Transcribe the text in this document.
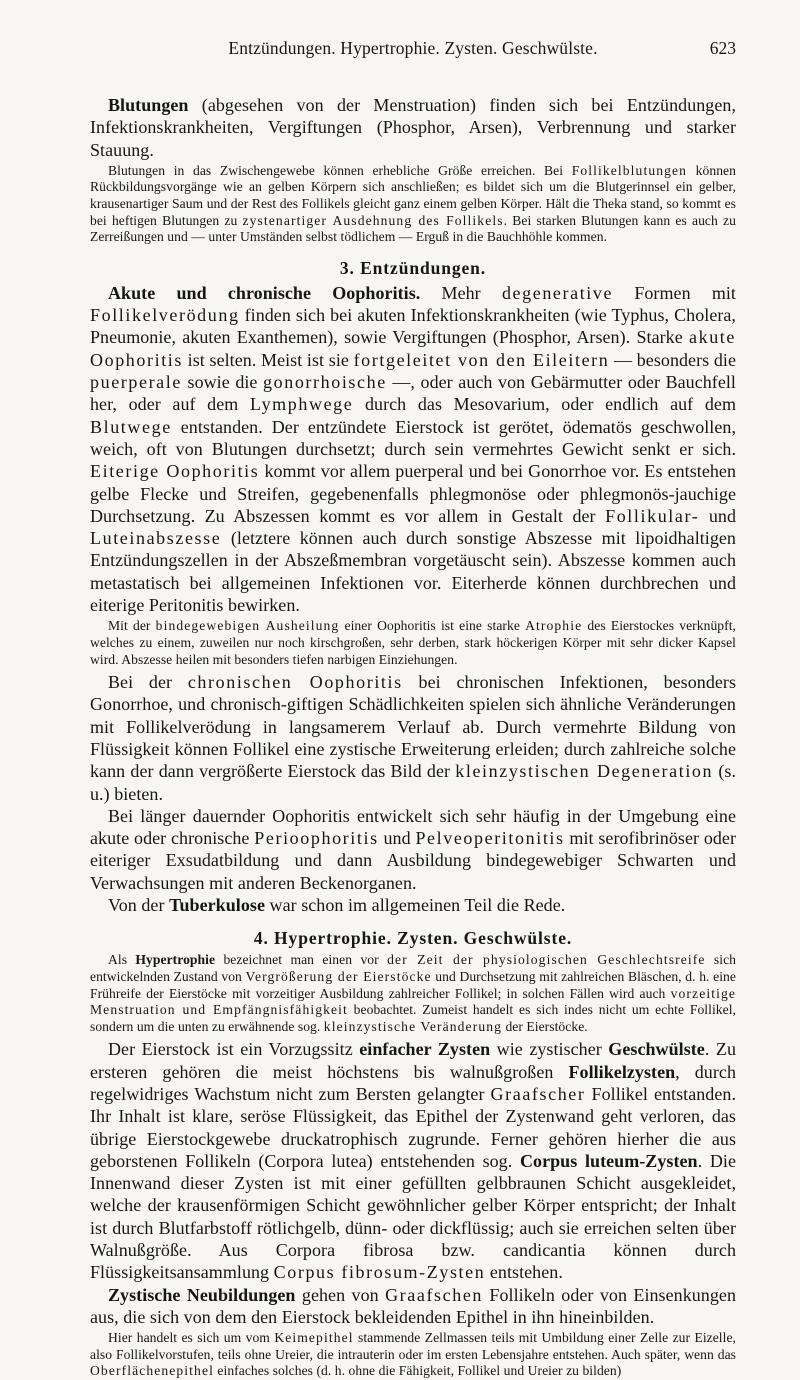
Entzündungen. Hypertrophie. Zysten. Geschwülste.	623

Blutungen (abgesehen von der Menstruation) finden sich bei Entzündungen, Infektionskrankheiten, Vergiftungen (Phosphor, Arsen), Verbrennung und starker Stauung.

Blutungen in das Zwischengewebe können erhebliche Größe erreichen. Bei Follikelblutungen können Rückbildungsvorgänge wie an gelben Körpern sich anschließen; es bildet sich um die Blutgerinnsel ein gelber, krausenartiger Saum und der Rest des Follikels gleicht ganz einem gelben Körper. Hält die Theka stand, so kommt es bei heftigen Blutungen zu zystenartiger Ausdehnung des Follikels. Bei starken Blutungen kann es auch zu Zerreißungen und — unter Umständen selbst tödlichem — Erguß in die Bauchhöhle kommen.

3. Entzündungen.

Akute und chronische Oophoritis. Mehr degenerative Formen mit Follikelverödung finden sich bei akuten Infektionskrankheiten (wie Typhus, Cholera, Pneumonie, akuten Exanthemen), sowie Vergiftungen (Phosphor, Arsen). Starke akute Oophoritis ist selten. Meist ist sie fortgeleitet von den Eileitern — besonders die puerperale sowie die gonorrhoische —, oder auch von Gebärmutter oder Bauchfell her, oder auf dem Lymphwege durch das Mesovarium, oder endlich auf dem Blutwege entstanden. Der entzündete Eierstock ist gerötet, ödematös geschwollen, weich, oft von Blutungen durchsetzt; durch sein vermehrtes Gewicht senkt er sich. Eiterige Oophoritis kommt vor allem puerperal und bei Gonorrhoe vor. Es entstehen gelbe Flecke und Streifen, gegebenenfalls phlegmonöse oder phlegmonös-jauchige Durchsetzung. Zu Abszessen kommt es vor allem in Gestalt der Follikular- und Luteinabszesse (letztere können auch durch sonstige Abszesse mit lipoidhaltigen Entzündungszellen in der Abszeßmembran vorgetäuscht sein). Abszesse kommen auch metastatisch bei allgemeinen Infektionen vor. Eiterherde können durchbrechen und eiterige Peritonitis bewirken.

Mit der bindegewebigen Ausheilung einer Oophoritis ist eine starke Atrophie des Eierstockes verknüpft, welches zu einem, zuweilen nur noch kirschgroßen, sehr derben, stark höckerigen Körper mit sehr dicker Kapsel wird. Abszesse heilen mit besonders tiefen narbigen Einziehungen.

Bei der chronischen Oophoritis bei chronischen Infektionen, besonders Gonorrhoe, und chronisch-giftigen Schädlichkeiten spielen sich ähnliche Veränderungen mit Follikelverödung in langsamerem Verlauf ab. Durch vermehrte Bildung von Flüssigkeit können Follikel eine zystische Erweiterung erleiden; durch zahlreiche solche kann der dann vergrößerte Eierstock das Bild der kleinzystischen Degeneration (s. u.) bieten.

Bei länger dauernder Oophoritis entwickelt sich sehr häufig in der Umgebung eine akute oder chronische Perioophoritis und Pelveoperitonitis mit serofibrinöser oder eiteriger Exsudatbildung und dann Ausbildung bindegewebiger Schwarten und Verwachsungen mit anderen Beckenorganen.

Von der Tuberkulose war schon im allgemeinen Teil die Rede.

4. Hypertrophie. Zysten. Geschwülste.

Als Hypertrophie bezeichnet man einen vor der Zeit der physiologischen Geschlechtsreife sich entwickelnden Zustand von Vergrößerung der Eierstöcke und Durchsetzung mit zahlreichen Bläschen, d. h. eine Frühreife der Eierstöcke mit vorzeitiger Ausbildung zahlreicher Follikel; in solchen Fällen wird auch vorzeitige Menstruation und Empfängnisfähigkeit beobachtet. Zumeist handelt es sich indes nicht um echte Follikel, sondern um die unten zu erwähnende sog. kleinzystische Veränderung der Eierstöcke.

Der Eierstock ist ein Vorzugssitz einfacher Zysten wie zystischer Geschwülste. Zu ersteren gehören die meist höchstens bis walnußgroßen Follikelzysten, durch regelwidriges Wachstum nicht zum Bersten gelangter Graafscher Follikel entstanden. Ihr Inhalt ist klare, seröse Flüssigkeit, das Epithel der Zystenwand geht verloren, das übrige Eierstockgewebe druckatrophisch zugrunde. Ferner gehören hierher die aus geborstenen Follikeln (Corpora lutea) entstehenden sog. Corpus luteum-Zysten. Die Innenwand dieser Zysten ist mit einer gefüllten gelbbraunen Schicht ausgekleidet, welche der krausenförmigen Schicht gewöhnlicher gelber Körper entspricht; der Inhalt ist durch Blutfarbstoff rötlichgelb, dünn- oder dickflüssig; auch sie erreichen selten über Walnußgröße. Aus Corpora fibrosa bzw. candicantia können durch Flüssigkeitsansammlung Corpus fibrosum-Zysten entstehen.

Zystische Neubildungen gehen von Graafschen Follikeln oder von Einsenkungen aus, die sich von dem den Eierstock bekleidenden Epithel in ihn hineinbilden.

Hier handelt es sich um vom Keimepithel stammende Zellmassen teils mit Umbildung einer Zelle zur Eizelle, also Follikelvorstufen, teils ohne Ureier, die intrauterin oder im ersten Lebensjahre entstehen. Auch später, wenn das Oberflächenepithel einfaches solches (d. h. ohne die Fähigkeit, Follikel und Ureier zu bilden)
